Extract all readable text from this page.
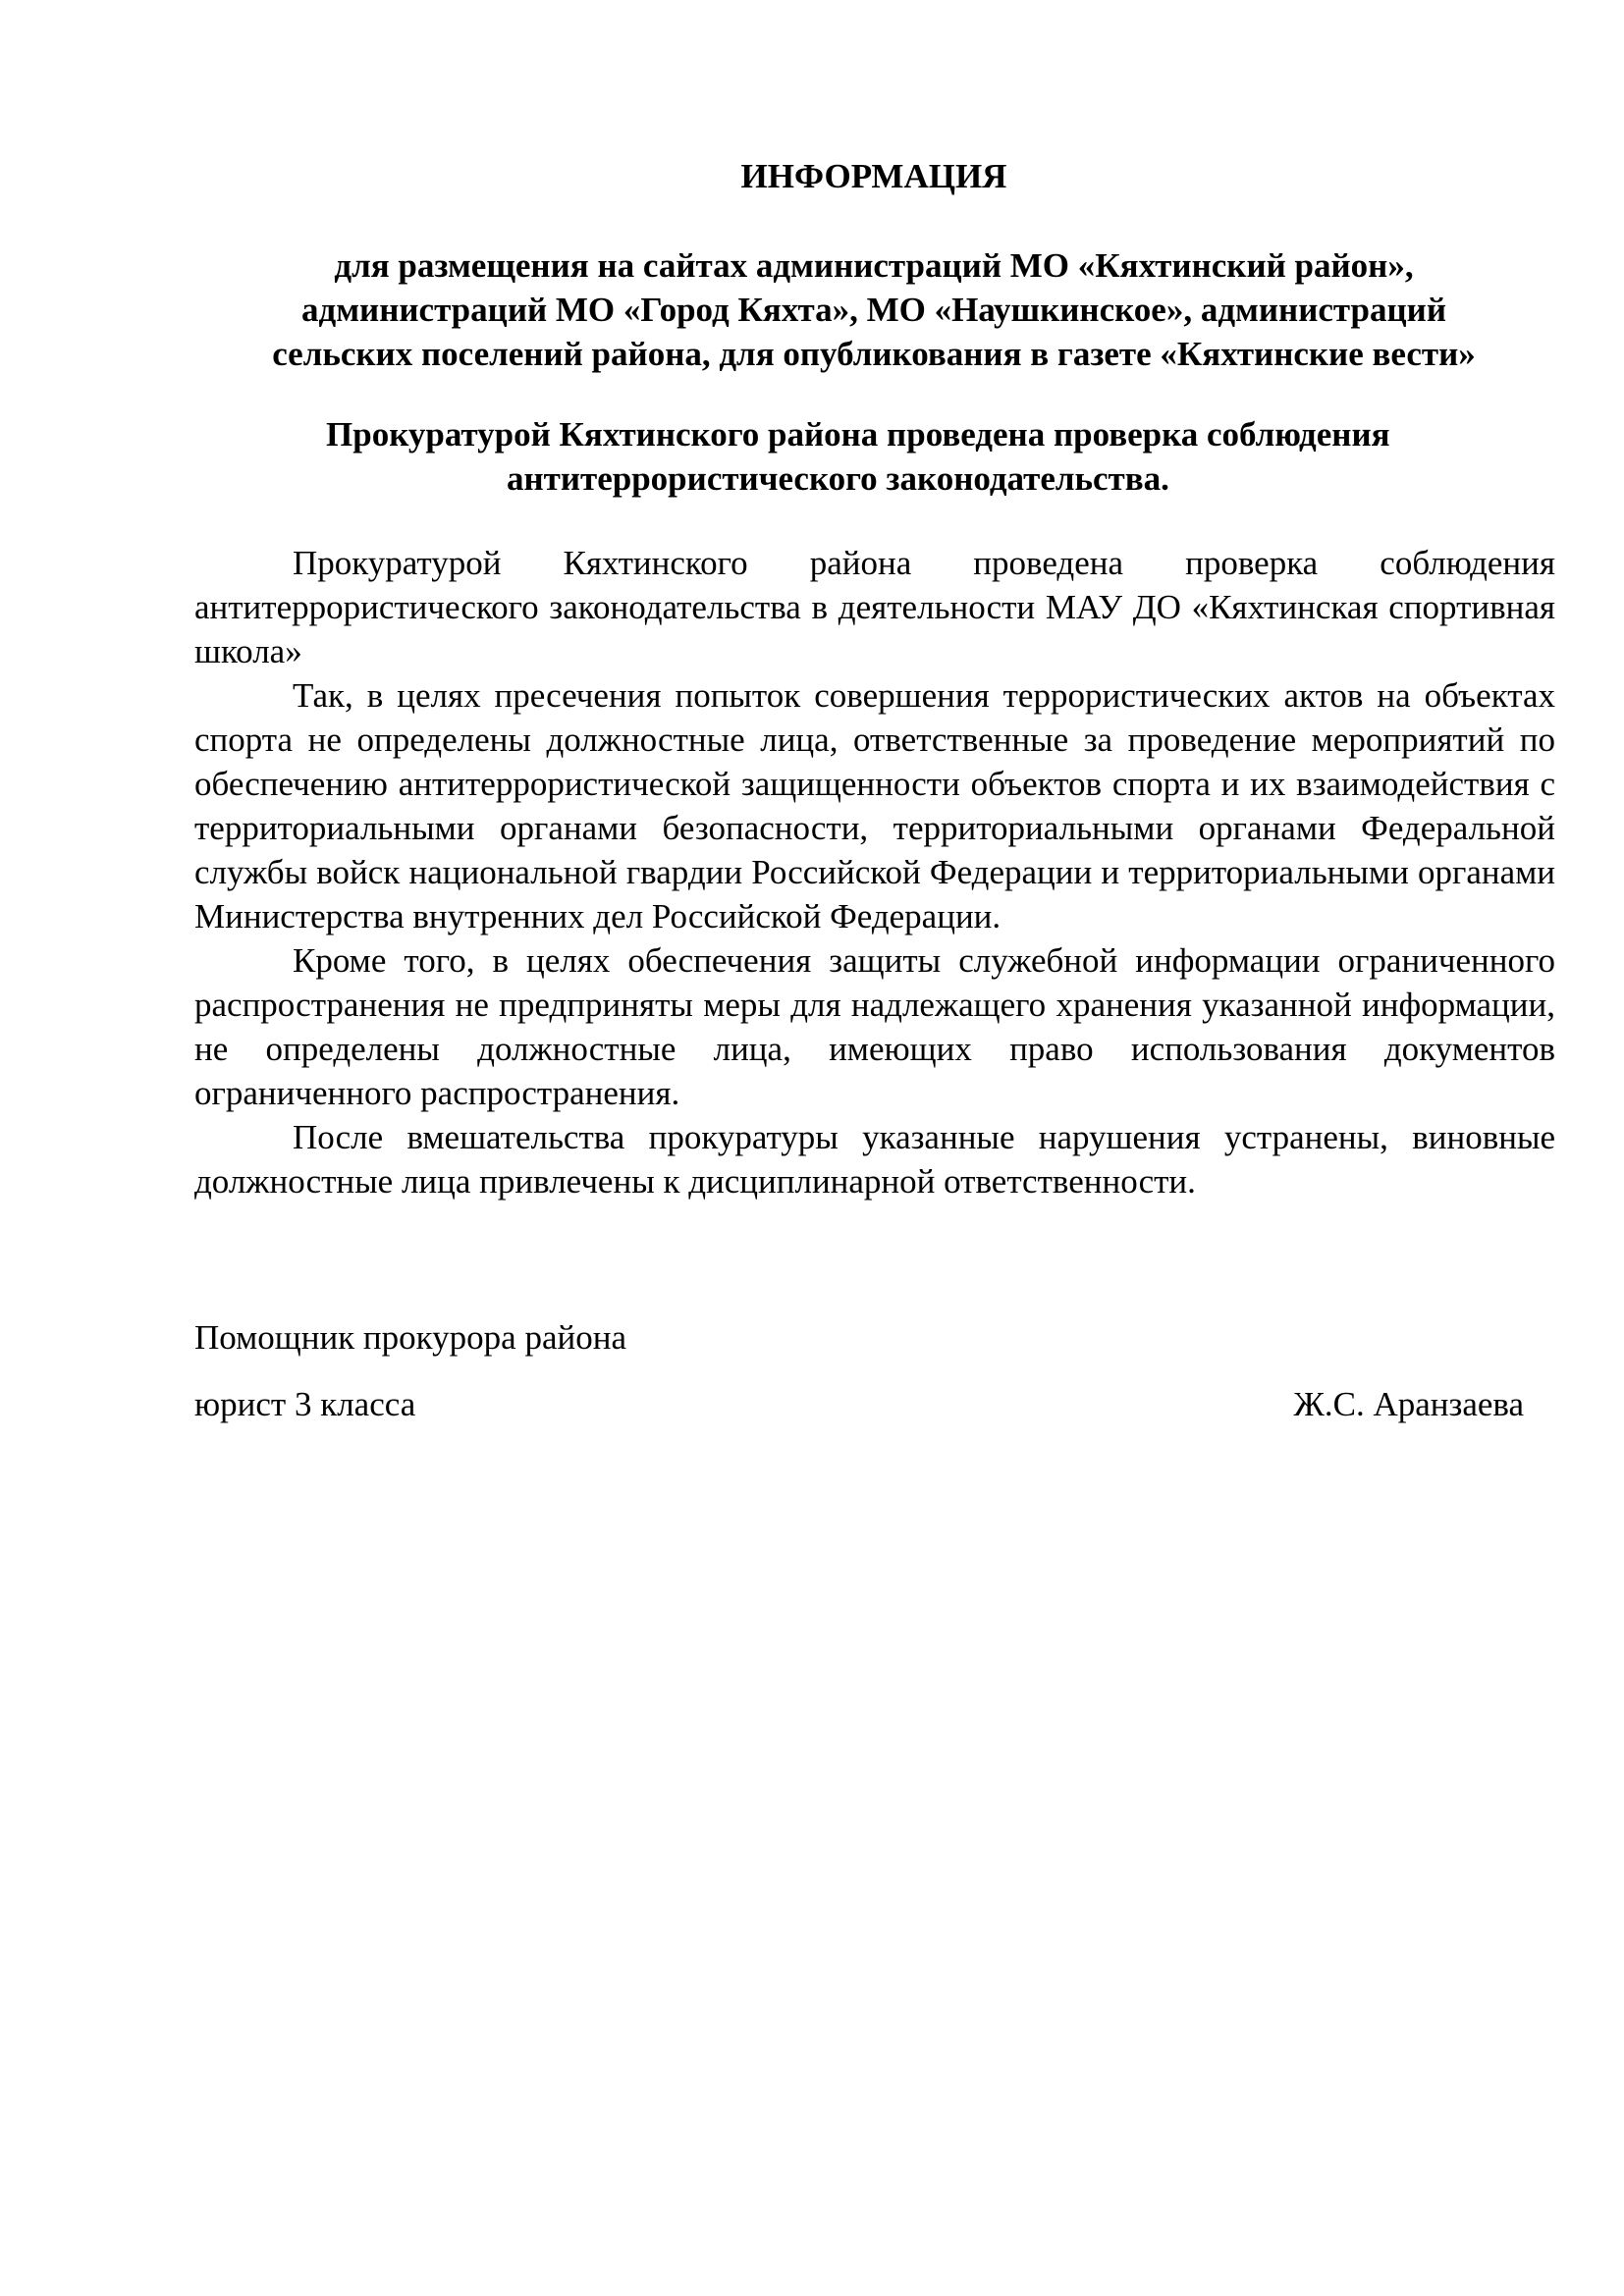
ИНФОРМАЦИЯ
для размещения на сайтах администраций МО «Кяхтинский район»,
администраций МО «Город Кяхта», МО «Наушкинское», администраций
сельских поселений района, для опубликования в газете «Кяхтинские вести»
Прокуратурой Кяхтинского района проведена проверка соблюдения
антитеррористического законодательства.

Прокуратурой Кяхтинского района проведена проверка соблюдения антитеррористического законодательства в деятельности МАУ ДО «Кяхтинская спортивная школа»

Так, в целях пресечения попыток совершения террористических актов на объектах спорта не определены должностные лица, ответственные за проведение мероприятий по обеспечению антитеррористической защищенности объектов спорта и их взаимодействия с территориальными органами безопасности, территориальными органами Федеральной службы войск национальной гвардии Российской Федерации и территориальными органами Министерства внутренних дел Российской Федерации.

Кроме того, в целях обеспечения защиты служебной информации ограниченного распространения не предприняты меры для надлежащего хранения указанной информации, не определены должностные лица, имеющих право использования документов ограниченного распространения.

После вмешательства прокуратуры указанные нарушения устранены, виновные должностные лица привлечены к дисциплинарной ответственности.

Помощник прокурора района
юрист 3 класса	Ж.С. Аранзаева
